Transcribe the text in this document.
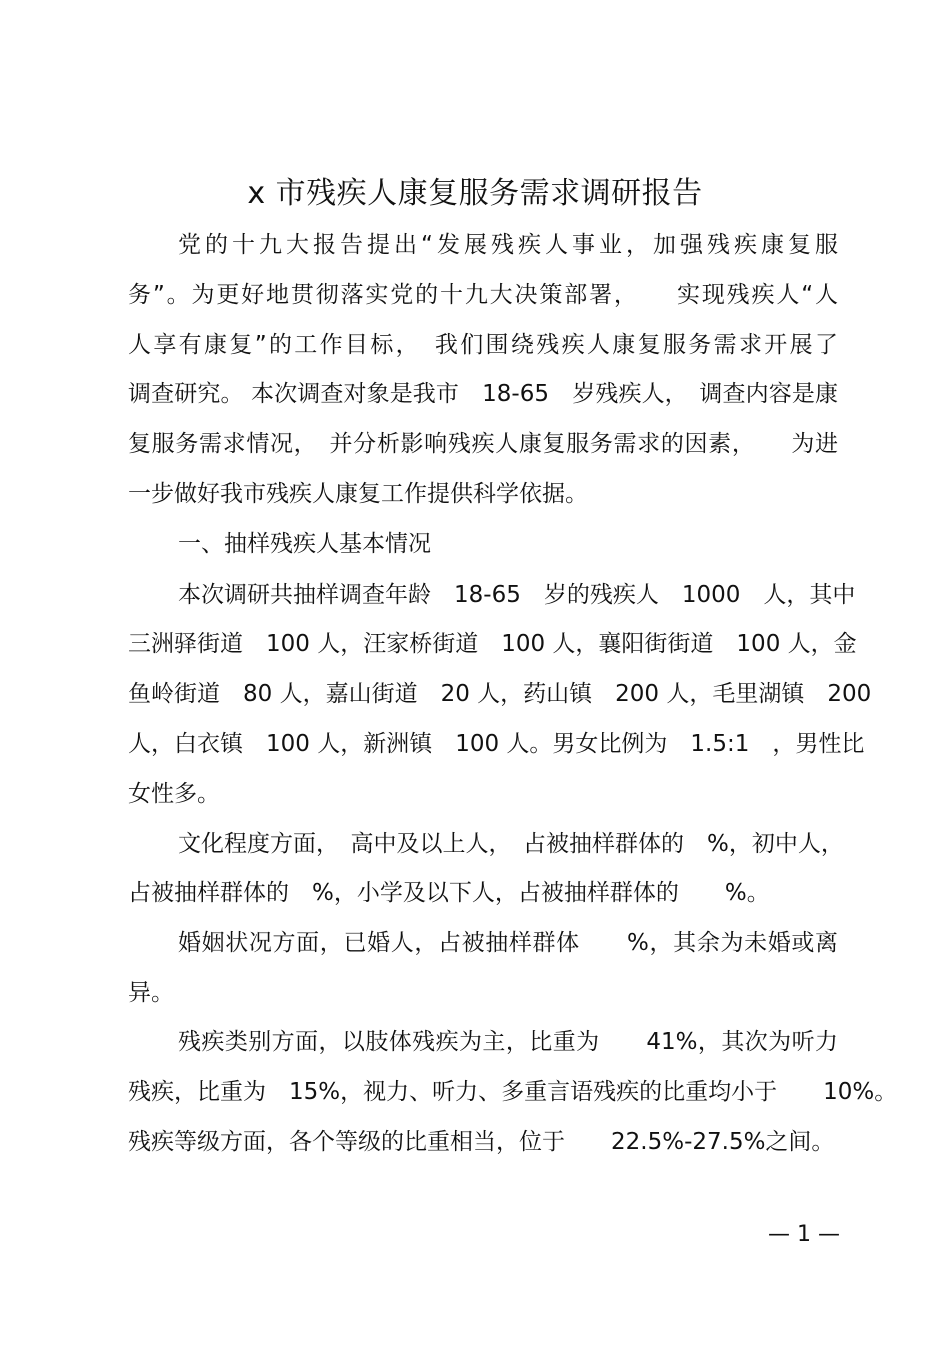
x 市残疾人康复服务需求调研报告
党的十九大报告提出“发展残疾人事业，加强残疾康复服
务”。为更好地贯彻落实党的十九大决策部署，　　实现残疾人“人
人享有康复”的工作目标，　我们围绕残疾人康复服务需求开展了
调查研究。 本次调查对象是我市　18-65　岁残疾人，　调查内容是康
复服务需求情况，　并分析影响残疾人康复服务需求的因素，　　为进
一步做好我市残疾人康复工作提供科学依据。
一、抽样残疾人基本情况
本次调研共抽样调查年龄　18-65　岁的残疾人　1000　人，其中
三洲驿街道　100 人，汪家桥街道　100 人，襄阳街街道　100 人，金
鱼岭街道　80 人，嘉山街道　20 人，药山镇　200 人，毛里湖镇　200
人，白衣镇　100 人，新洲镇　100 人。男女比例为　1.5:1　，男性比
女性多。
文化程度方面，　高中及以上人，　占被抽样群体的　%，初中人，
占被抽样群体的　%，小学及以下人，占被抽样群体的　　%。
婚姻状况方面，已婚人，占被抽样群体　　%，其余为未婚或离
异。
残疾类别方面，以肢体残疾为主，比重为　　41%，其次为听力
残疾，比重为　15%，视力、听力、多重言语残疾的比重均小于　　10%。
残疾等级方面，各个等级的比重相当，位于　　22.5%-27.5%之间。
— 1 —
